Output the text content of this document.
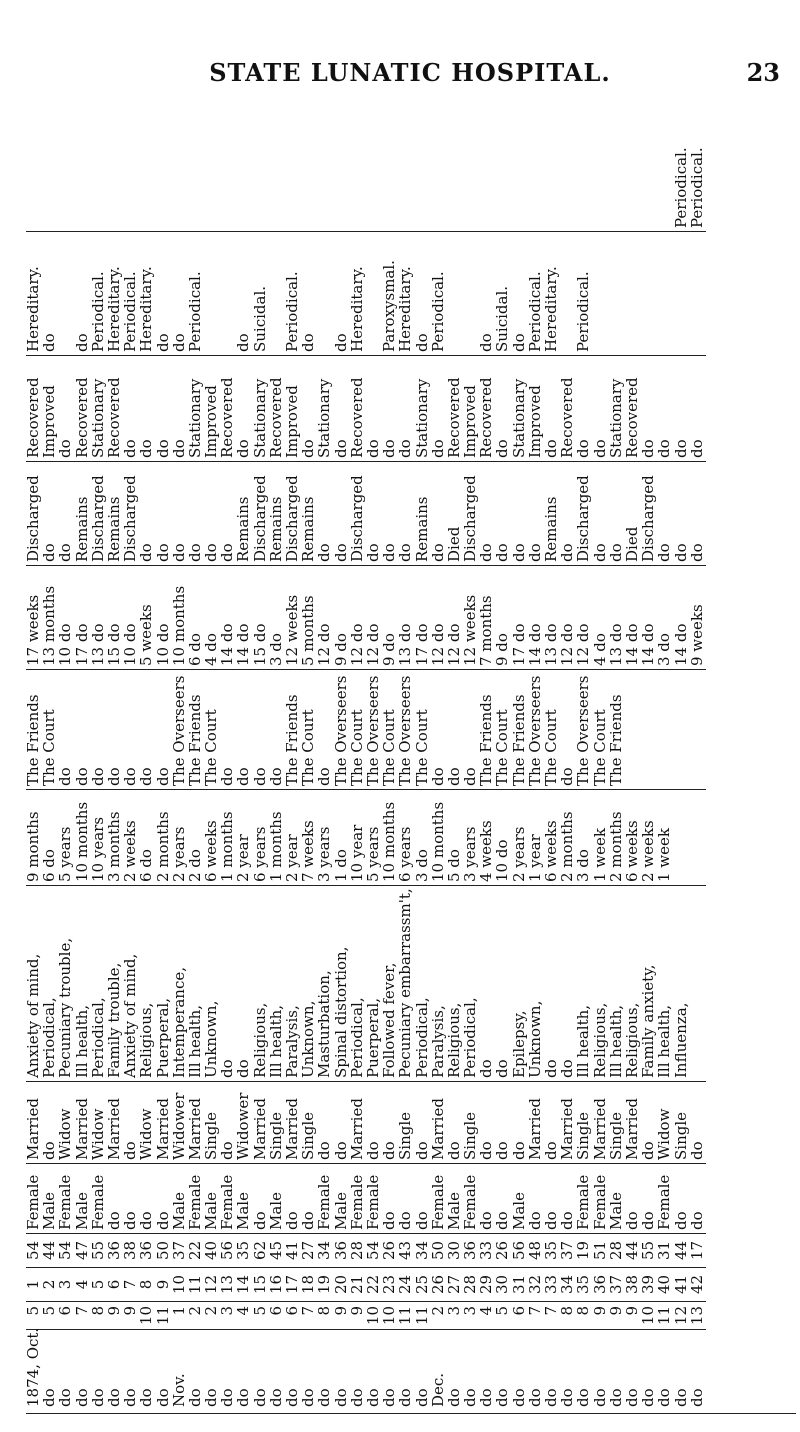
STATE LUNATIC HOSPITAL.	23
1874, Oct.
do
do
do
do
do
do
do
do
Nov.
do
do
do
do
do
do
do
do
do
do
do
do
do
do
do
Dec.
do
do
do
do
do
do
do
do
do
do
do
do
do
do
do
do
5
5
6
7
8
9
9
10
11
1
2
2
3
4
5
6
6
7
8
9
9
10
10
11
11
2
3
3
4
5
6
7
7
8
8
9
9
9
10
11
12
13
1
2
3
4
5
6
7
8
9
10
11
12
13
14
15
16
17
18
19
20
21
22
23
24
25
26
27
28
29
30
31
32
33
34
35
36
37
38
39
40
41
42
54
44
54
47
55
36
38
36
50
37
22
40
56
35
62
45
41
27
34
36
28
54
26
43
34
50
30
36
33
26
56
48
35
37
19
51
28
44
55
31
44
17
Female
Male
Female
Male
Female
do
do
do
do
Male
Female
Male
Female
Male
do
Male
do
do
Female
Male
Female
Female
do
do
do
Female
Male
Female
do
do
Male
do
do
do
Female
Female
Male
do
do
Female
do
do
Married
do
Widow
Married
Widow
Married
do
Widow
Married
Widower
Married
Single
do
Widower
Married
Single
Married
Single
do
do
Married
do
do
Single
do
Married
do
Single
do
do
do
Married
do
Married
Single
Married
Single
Married
do
Widow
Single
do
Anxiety of mind,
Periodical,
Pecuniary trouble,
Ill health,
Periodical,
Family trouble,
Anxiety of mind,
Religious,
Puerperal,
Intemperance,
Ill health,
Unknown,
do
do
Religious,
Ill health,
Paralysis,
Unknown,
Masturbation,
Spinal distortion,
Periodical,
Puerperal,
Followed fever,
Pecuniary embarrassm't,
Periodical,
Paralysis,
Religious,
Periodical,
do
do
Epilepsy,
Unknown,
do
do
Ill health,
Religious,
Ill health,
Religious,
Family anxiety,
Ill health,
Influenza,
9 months
6 do
5 years
10 months
10 years
3 months
2 weeks
6 do
2 months
2 years
2 do
6 weeks
1 months
2 year
6 years
1 months
2 year
7 weeks
3 years
1 do
10 year
5 years
10 months
6 years
3 do
10 months
5 do
3 years
4 weeks
10 do
2 years
1 year
6 weeks
2 months
3 do
1 week
2 months
6 weeks
2 weeks
1 week
The Friends
The Court
do
do
do
do
do
do
do
The Overseers
The Friends
The Court
do
do
do
do
The Friends
The Court
do
The Overseers
The Court
The Overseers
The Court
The Overseers
The Court
do
do
do
The Friends
The Court
The Friends
The Overseers
The Court
do
The Overseers
The Court
The Friends
17 weeks
13 months
10 do
17 do
13 do
15 do
10 do
5 weeks
10 do
10 months
6 do
4 do
14 do
14 do
15 do
3 do
12 weeks
5 months
12 do
9 do
12 do
12 do
9 do
13 do
17 do
12 do
12 do
12 weeks
7 months
9 do
17 do
14 do
13 do
12 do
12 do
4 do
13 do
14 do
14 do
3 do
14 do
9 weeks
Discharged
do
do
Remains
Discharged
Remains
Discharged
do
do
do
do
do
do
Remains
Discharged
Remains
Discharged
Remains
do
do
Discharged
do
do
do
Remains
do
Died
Discharged
do
do
do
do
Remains
do
Discharged
do
do
Died
Discharged
do
do
do
Recovered
Improved
do
Recovered
Stationary
Recovered
do
do
do
do
Stationary
Improved
Recovered
do
Stationary
Recovered
Improved
do
Stationary
do
Recovered
do
do
do
Stationary
do
Recovered
Improved
Recovered
do
Stationary
Improved
do
Recovered
do
do
Stationary
Recovered
do
do
do
do
Hereditary.
do do
Periodical.
Hereditary.
Periodical.
Hereditary.
do
do
Periodical. do
Suicidal. Periodical.
do do
Hereditary. Paroxysmal.
Hereditary.
do
Periodical. do
Suicidal.
do
Periodical.
Hereditary. Periodical.
Periodical.
Periodical.
